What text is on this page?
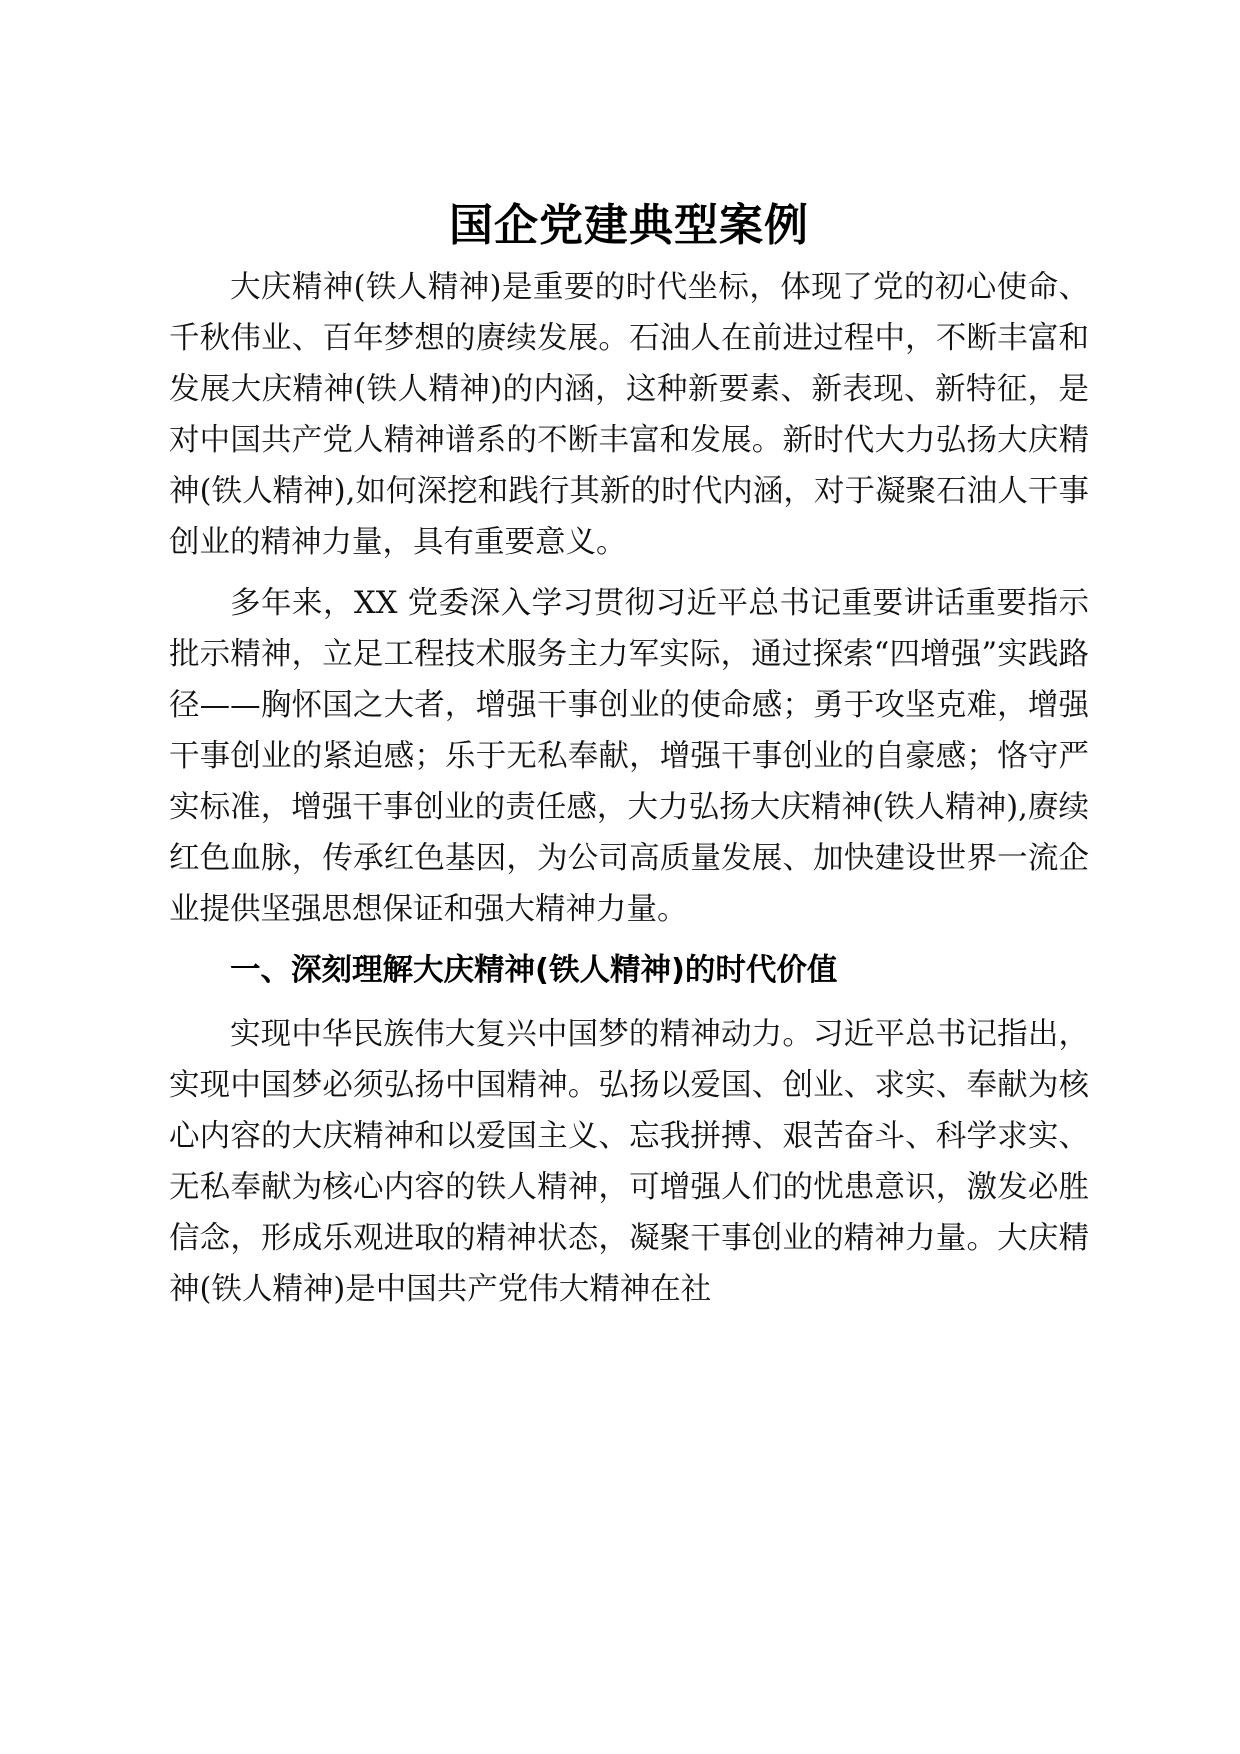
国企党建典型案例

大庆精神(铁人精神)是重要的时代坐标，体现了党的初心使命、千秋伟业、百年梦想的赓续发展。石油人在前进过程中，不断丰富和发展大庆精神(铁人精神)的内涵，这种新要素、新表现、新特征，是对中国共产党人精神谱系的不断丰富和发展。新时代大力弘扬大庆精神(铁人精神),如何深挖和践行其新的时代内涵，对于凝聚石油人干事创业的精神力量，具有重要意义。

多年来，XX 党委深入学习贯彻习近平总书记重要讲话重要指示批示精神，立足工程技术服务主力军实际，通过探索“四增强”实践路径——胸怀国之大者，增强干事创业的使命感；勇于攻坚克难，增强干事创业的紧迫感；乐于无私奉献，增强干事创业的自豪感；恪守严实标准，增强干事创业的责任感，大力弘扬大庆精神(铁人精神),赓续红色血脉，传承红色基因，为公司高质量发展、加快建设世界一流企业提供坚强思想保证和强大精神力量。

一、深刻理解大庆精神(铁人精神)的时代价值

实现中华民族伟大复兴中国梦的精神动力。习近平总书记指出，实现中国梦必须弘扬中国精神。弘扬以爱国、创业、求实、奉献为核心内容的大庆精神和以爱国主义、忘我拼搏、艰苦奋斗、科学求实、无私奉献为核心内容的铁人精神，可增强人们的忧患意识，激发必胜信念，形成乐观进取的精神状态，凝聚干事创业的精神力量。大庆精神(铁人精神)是中国共产党伟大精神在社
